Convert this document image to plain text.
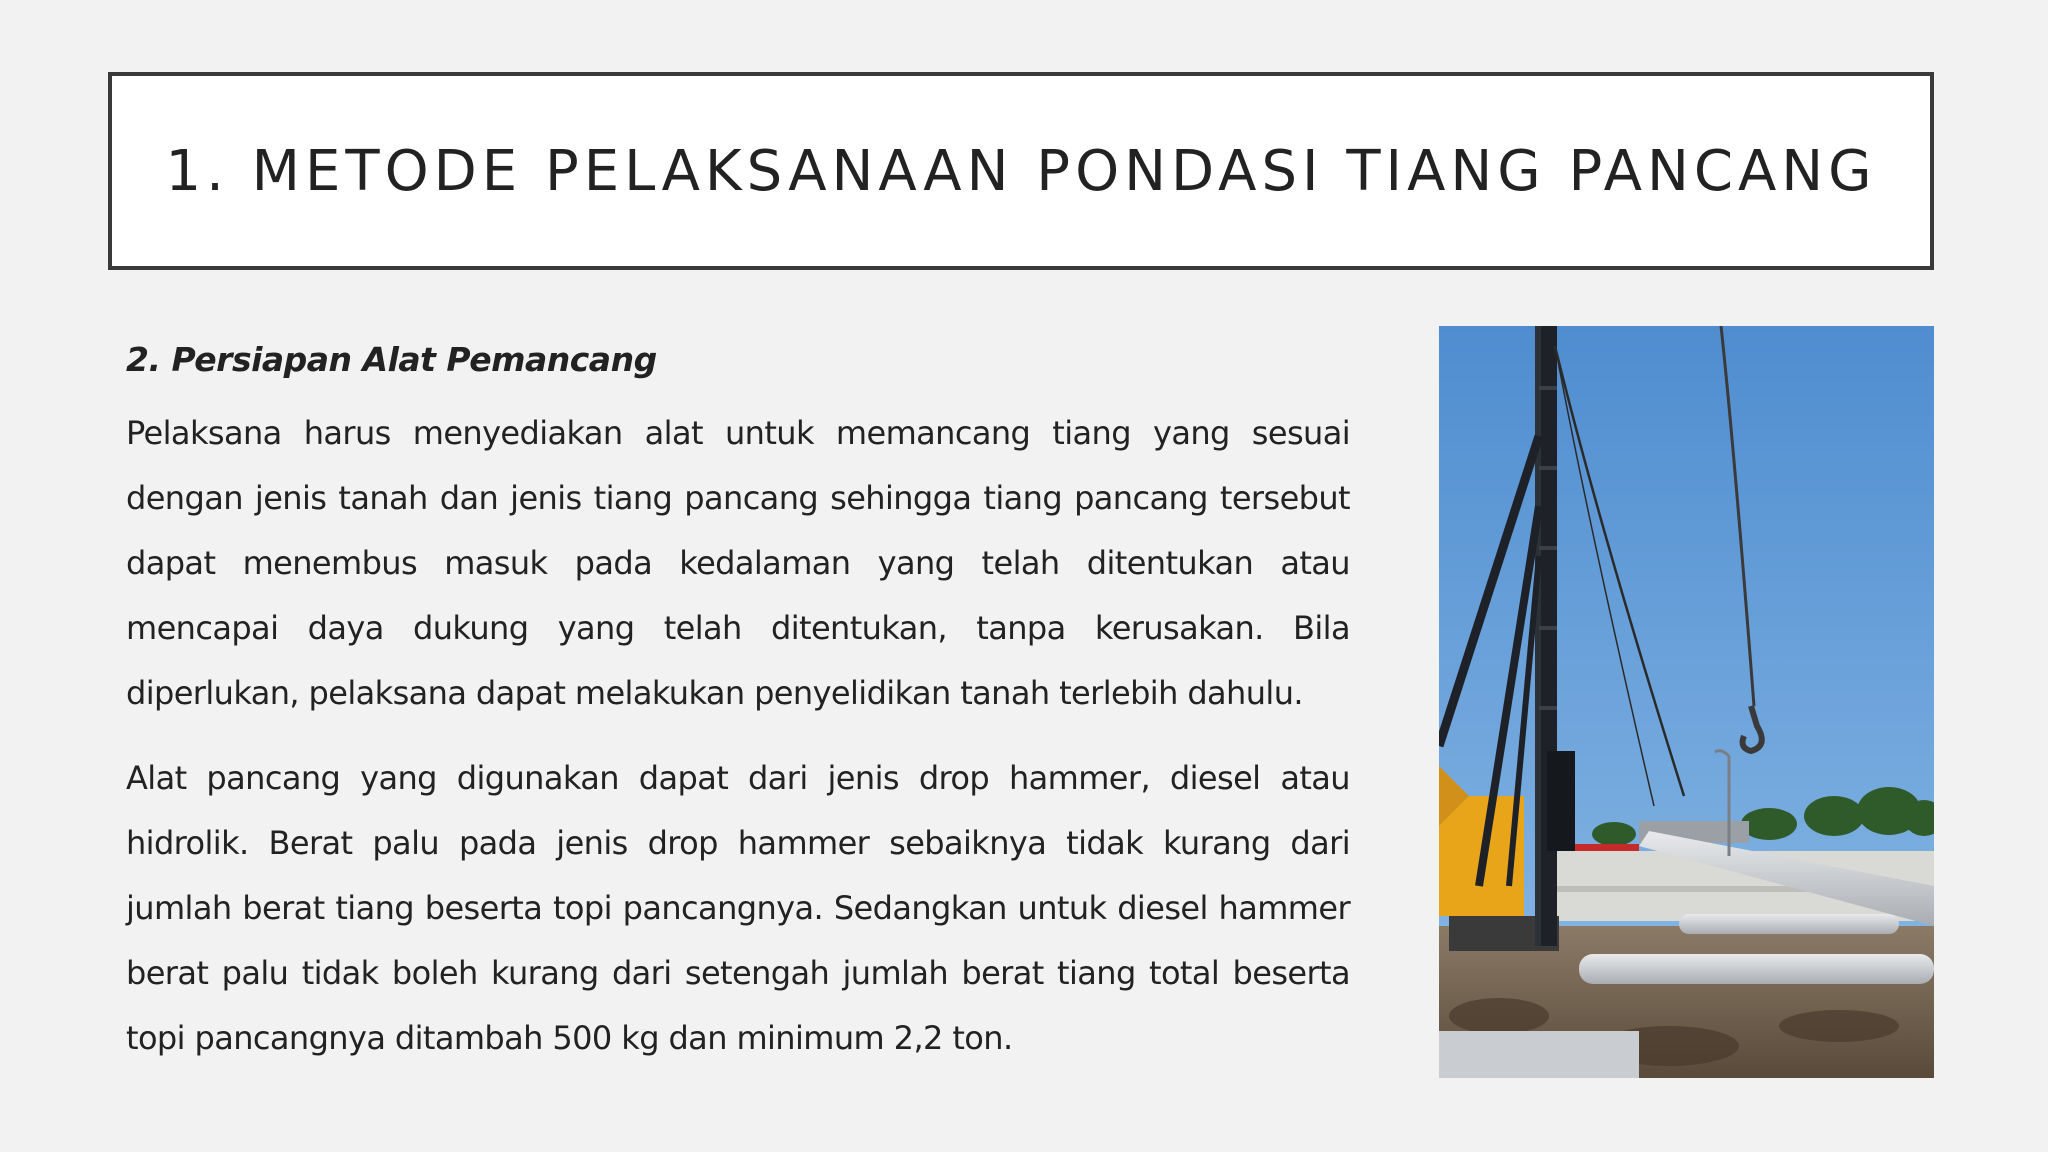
1. METODE PELAKSANAAN PONDASI TIANG PANCANG
2. Persiapan Alat Pemancang

Pelaksana harus menyediakan alat untuk memancang tiang yang sesuai dengan jenis tanah dan jenis tiang pancang sehingga tiang pancang tersebut dapat menembus masuk pada kedalaman yang telah ditentukan atau mencapai daya dukung yang telah ditentukan, tanpa kerusakan. Bila diperlukan, pelaksana dapat melakukan penyelidikan tanah terlebih dahulu.

Alat pancang yang digunakan dapat dari jenis drop hammer, diesel atau hidrolik. Berat palu pada jenis drop hammer sebaiknya tidak kurang dari jumlah berat tiang beserta topi pancangnya. Sedangkan untuk diesel hammer berat palu tidak boleh kurang dari setengah jumlah berat tiang total beserta topi pancangnya ditambah 500 kg dan minimum 2,2 ton.
